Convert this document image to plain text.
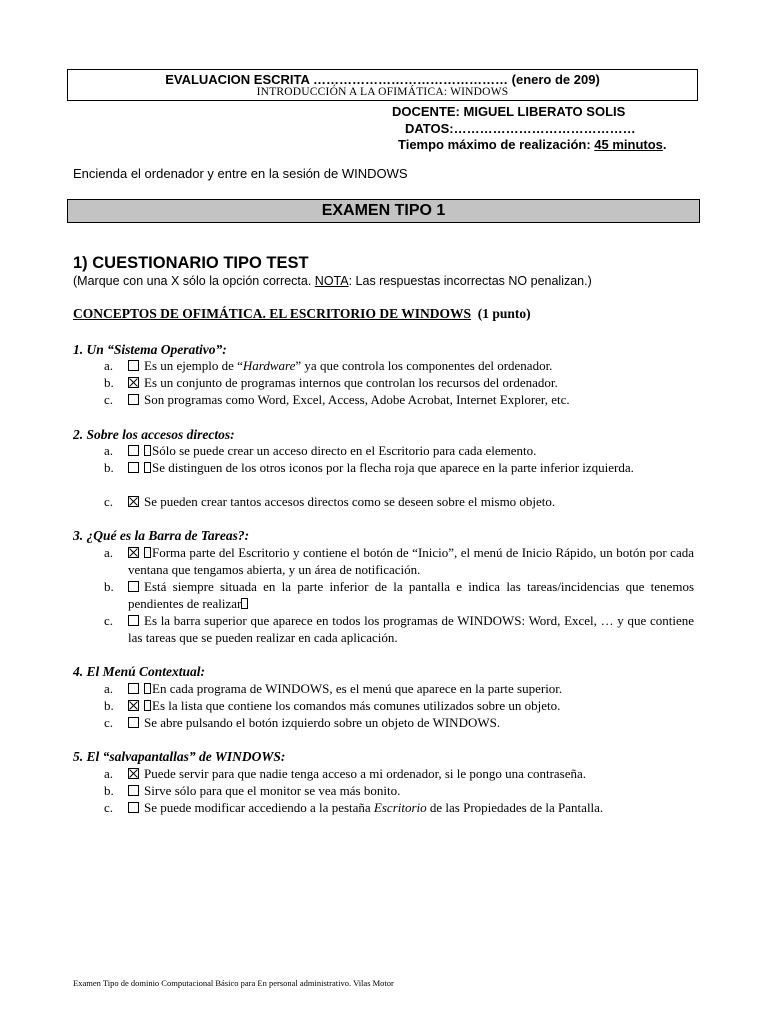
EVALUACION ESCRITA ……………………………………… (enero de 209)
INTRODUCCIÓN A LA OFIMÁTICA: WINDOWS
DOCENTE: MIGUEL LIBERATO SOLIS
DATOS:……………………………………
Tiempo máximo de realización: 45 minutos.
Encienda el ordenador y entre en la sesión de WINDOWS
EXAMEN TIPO 1
1) CUESTIONARIO TIPO TEST
(Marque con una X sólo la opción correcta. NOTA: Las respuestas incorrectas NO penalizan.)
CONCEPTOS DE OFIMÁTICA. EL ESCRITORIO DE WINDOWS (1 punto)
1. Un “Sistema Operativo”:
a.	Es un ejemplo de “Hardware” ya que controla los componentes del ordenador.
b.	Es un conjunto de programas internos que controlan los recursos del ordenador.
c.	Son programas como Word, Excel, Access, Adobe Acrobat, Internet Explorer, etc.
2. Sobre los accesos directos:
a.	Sólo se puede crear un acceso directo en el Escritorio para cada elemento.
b.	Se distinguen de los otros iconos por la flecha roja que aparece en la parte inferior izquierda.
c.	Se pueden crear tantos accesos directos como se deseen sobre el mismo objeto.
3. ¿Qué es la Barra de Tareas?:
a.	Forma parte del Escritorio y contiene el botón de “Inicio”, el menú de Inicio Rápido, un botón por cada ventana que tengamos abierta, y un área de notificación.
b.	Está siempre situada en la parte inferior de la pantalla e indica las tareas/incidencias que tenemos pendientes de realizar
c.	Es la barra superior que aparece en todos los programas de WINDOWS: Word, Excel, … y que contiene las tareas que se pueden realizar en cada aplicación.
4. El Menú Contextual:
a.	En cada programa de WINDOWS, es el menú que aparece en la parte superior.
b.	Es la lista que contiene los comandos más comunes utilizados sobre un objeto.
c.	Se abre pulsando el botón izquierdo sobre un objeto de WINDOWS.
5. El “salvapantallas” de WINDOWS:
a.	Puede servir para que nadie tenga acceso a mi ordenador, si le pongo una contraseña.
b.	Sirve sólo para que el monitor se vea más bonito.
c.	Se puede modificar accediendo a la pestaña Escritorio de las Propiedades de la Pantalla.
Examen Tipo de dominio Computacional Básico para En personal administrativo. Vilas Motor
